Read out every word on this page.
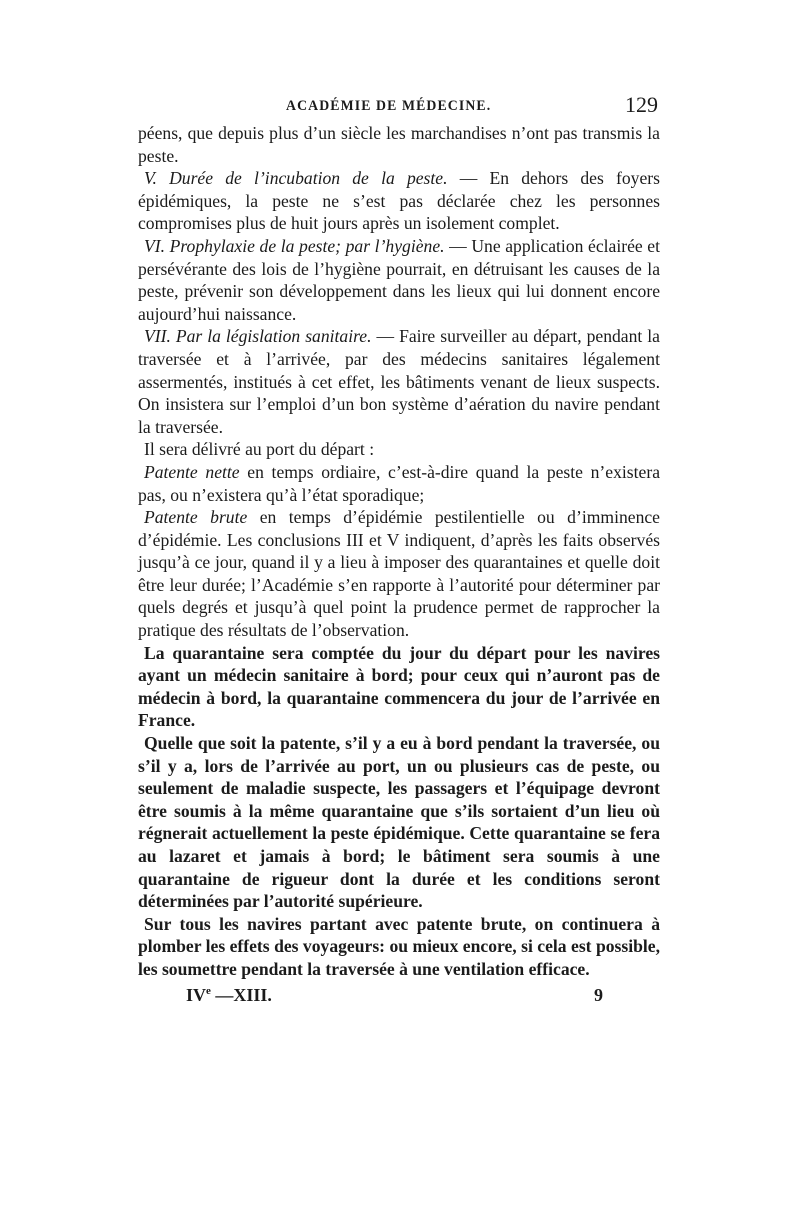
ACADÉMIE DE MÉDECINE.	129

péens, que depuis plus d’un siècle les marchandises n’ont pas transmis la peste.

V. Durée de l’incubation de la peste. — En dehors des foyers épidémiques, la peste ne s’est pas déclarée chez les personnes compromises plus de huit jours après un isolement complet.

VI. Prophylaxie de la peste; par l’hygiène. — Une application éclairée et persévérante des lois de l’hygiène pourrait, en détruisant les causes de la peste, prévenir son développement dans les lieux qui lui donnent encore aujourd’hui naissance.

VII. Par la législation sanitaire. — Faire surveiller au départ, pendant la traversée et à l’arrivée, par des médecins sanitaires légalement assermentés, institués à cet effet, les bâtiments venant de lieux suspects. On insistera sur l’emploi d’un bon système d’aération du navire pendant la traversée.

Il sera délivré au port du départ :

Patente nette en temps ordiaire, c’est-à-dire quand la peste n’existera pas, ou n’existera qu’à l’état sporadique;

Patente brute en temps d’épidémie pestilentielle ou d’imminence d’épidémie. Les conclusions III et V indiquent, d’après les faits observés jusqu’à ce jour, quand il y a lieu à imposer des quarantaines et quelle doit être leur durée; l’Académie s’en rapporte à l’autorité pour déterminer par quels degrés et jusqu’à quel point la prudence permet de rapprocher la pratique des résultats de l’observation.

La quarantaine sera comptée du jour du départ pour les navires ayant un médecin sanitaire à bord; pour ceux qui n’auront pas de médecin à bord, la quarantaine commencera du jour de l’arrivée en France.

Quelle que soit la patente, s’il y a eu à bord pendant la traversée, ou s’il y a, lors de l’arrivée au port, un ou plusieurs cas de peste, ou seulement de maladie suspecte, les passagers et l’équipage devront être soumis à la même quarantaine que s’ils sortaient d’un lieu où régnerait actuellement la peste épidémique. Cette quarantaine se fera au lazaret et jamais à bord; le bâtiment sera soumis à une quarantaine de rigueur dont la durée et les conditions seront déterminées par l’autorité supérieure.

Sur tous les navires partant avec patente brute, on continuera à plomber les effets des voyageurs: ou mieux encore, si cela est possible, les soumettre pendant la traversée à une ventilation efficace.

IVe —XIII.	9
